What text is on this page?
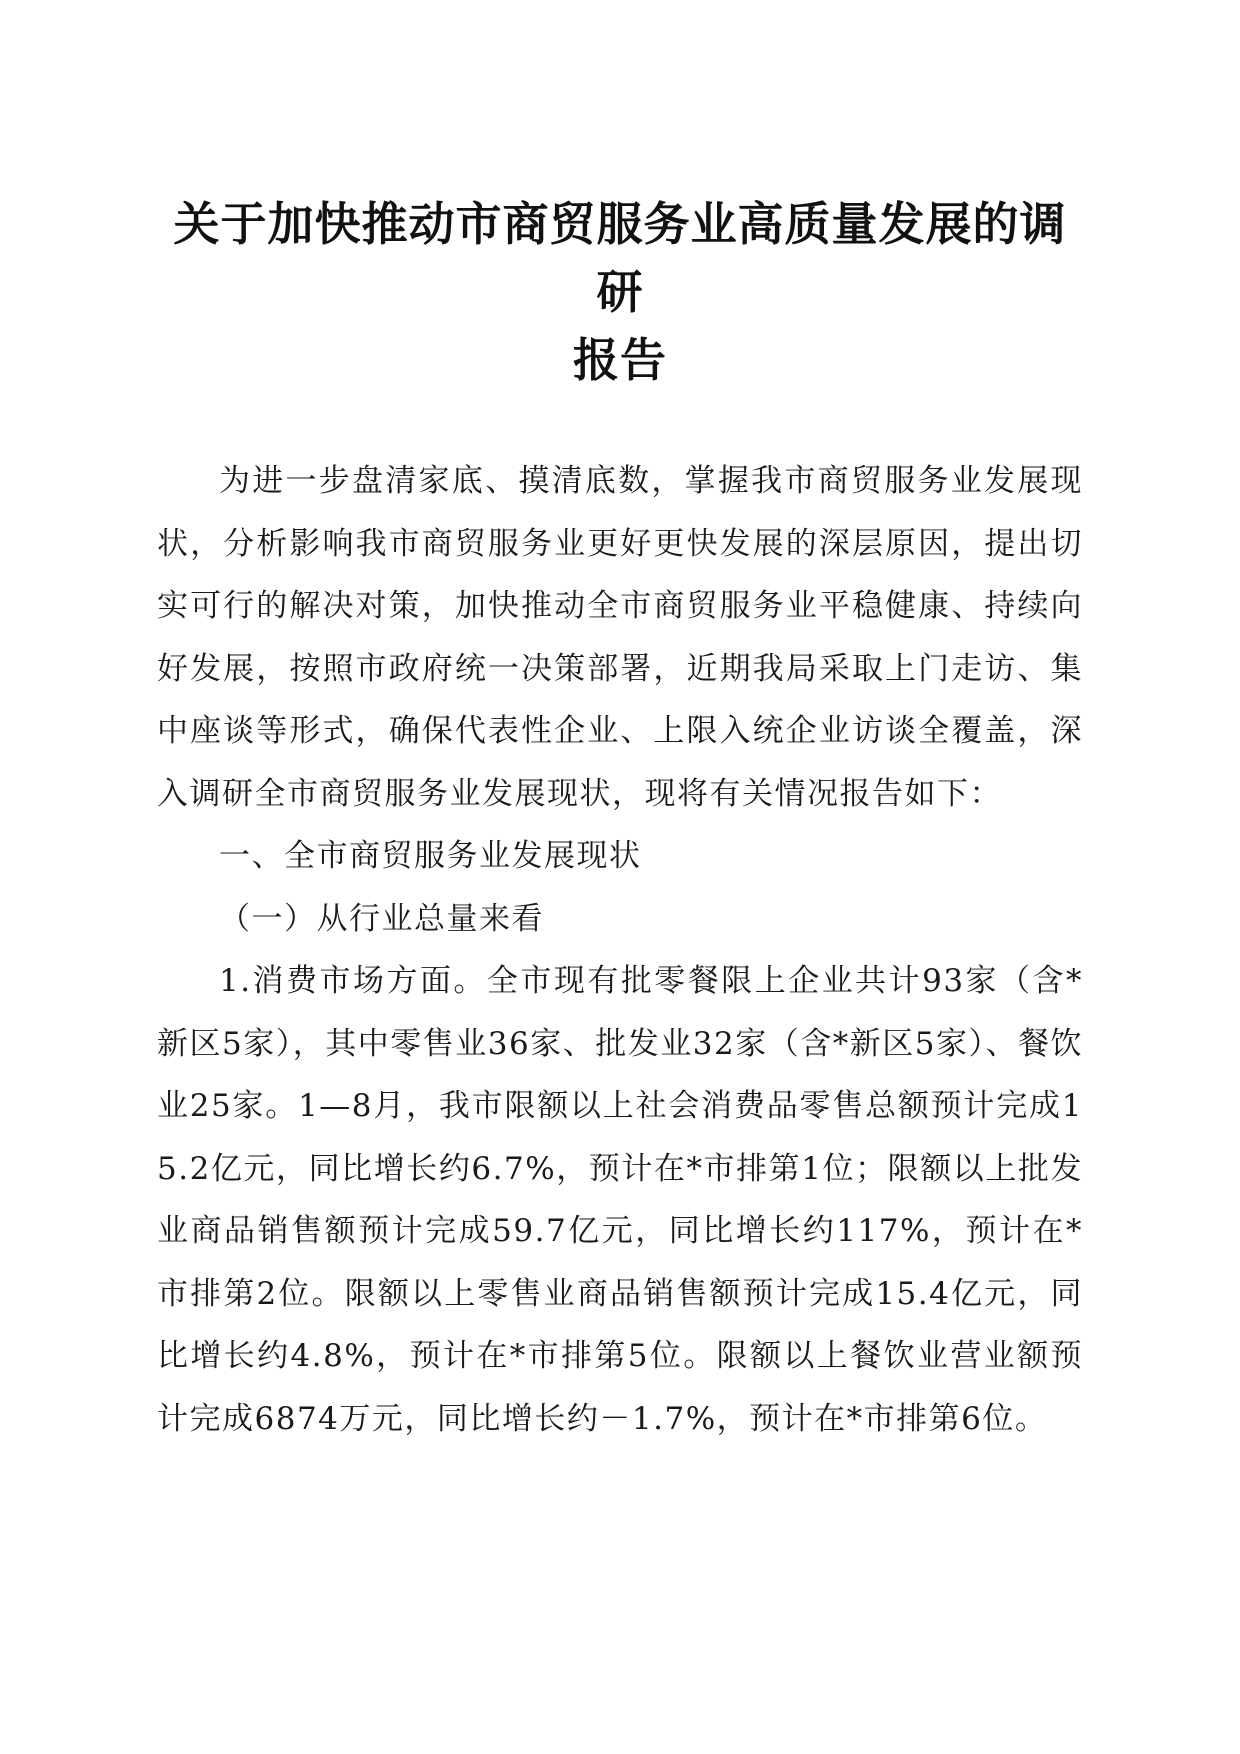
关于加快推动市商贸服务业高质量发展的调研
报告

为进一步盘清家底、摸清底数，掌握我市商贸服务业发展现状，分析影响我市商贸服务业更好更快发展的深层原因，提出切实可行的解决对策，加快推动全市商贸服务业平稳健康、持续向好发展，按照市政府统一决策部署，近期我局采取上门走访、集中座谈等形式，确保代表性企业、上限入统企业访谈全覆盖，深入调研全市商贸服务业发展现状，现将有关情况报告如下：

一、全市商贸服务业发展现状

（一）从行业总量来看

1.消费市场方面。全市现有批零餐限上企业共计93家（含*新区5家），其中零售业36家、批发业32家（含*新区5家）、餐饮业25家。1—8月，我市限额以上社会消费品零售总额预计完成15.2亿元，同比增长约6.7%，预计在*市排第1位；限额以上批发业商品销售额预计完成59.7亿元，同比增长约117%，预计在*市排第2位。限额以上零售业商品销售额预计完成15.4亿元，同比增长约4.8%，预计在*市排第5位。限额以上餐饮业营业额预计完成6874万元，同比增长约－1.7%，预计在*市排第6位。
